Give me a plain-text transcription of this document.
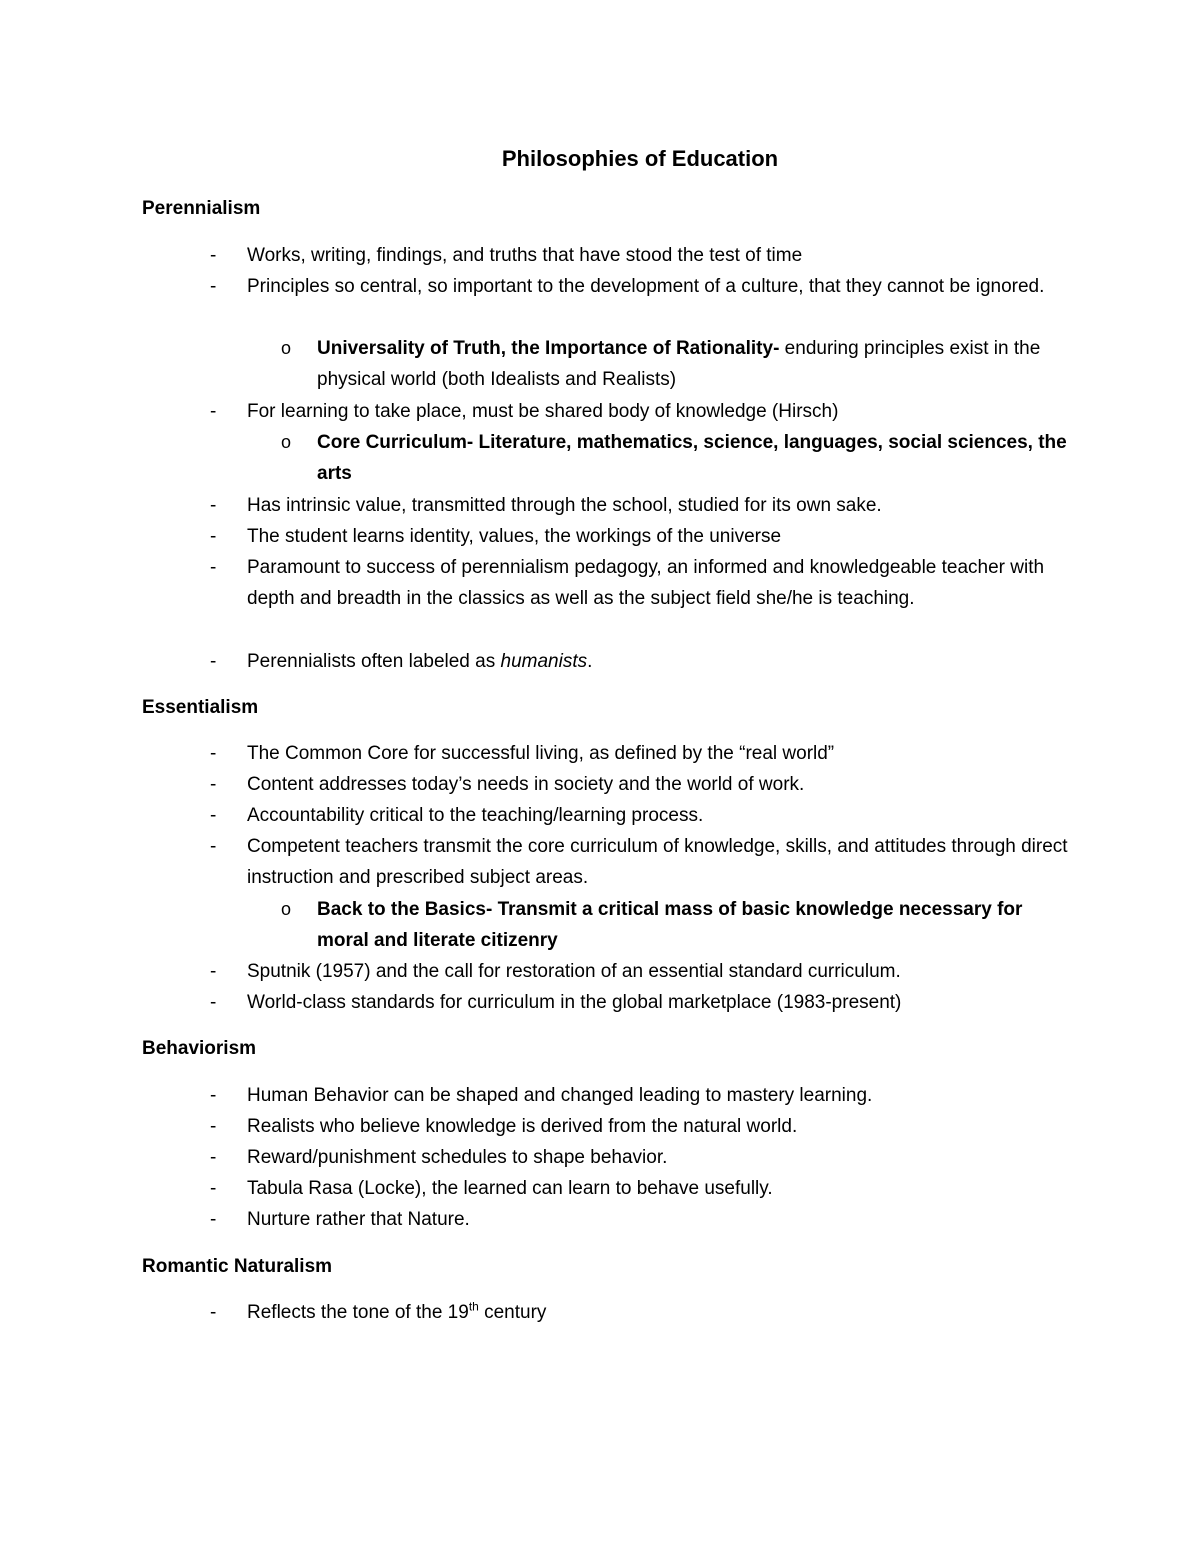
Philosophies of Education
Perennialism
- Works, writing, findings, and truths that have stood the test of time
- Principles so central, so important to the development of a culture, that they cannot be ignored.
o Universality of Truth, the Importance of Rationality- enduring principles exist in the physical world (both Idealists and Realists)
- For learning to take place, must be shared body of knowledge (Hirsch)
o Core Curriculum- Literature, mathematics, science, languages, social sciences, the arts
- Has intrinsic value, transmitted through the school, studied for its own sake.
- The student learns identity, values, the workings of the universe
- Paramount to success of perennialism pedagogy, an informed and knowledgeable teacher with depth and breadth in the classics as well as the subject field she/he is teaching.
- Perennialists often labeled as humanists.
Essentialism
- The Common Core for successful living, as defined by the “real world”
- Content addresses today’s needs in society and the world of work.
- Accountability critical to the teaching/learning process.
- Competent teachers transmit the core curriculum of knowledge, skills, and attitudes through direct instruction and prescribed subject areas.
o Back to the Basics- Transmit a critical mass of basic knowledge necessary for moral and literate citizenry
- Sputnik (1957) and the call for restoration of an essential standard curriculum.
- World-class standards for curriculum in the global marketplace (1983-present)
Behaviorism
- Human Behavior can be shaped and changed leading to mastery learning.
- Realists who believe knowledge is derived from the natural world.
- Reward/punishment schedules to shape behavior.
- Tabula Rasa (Locke), the learned can learn to behave usefully.
- Nurture rather that Nature.
Romantic Naturalism
- Reflects the tone of the 19th century
